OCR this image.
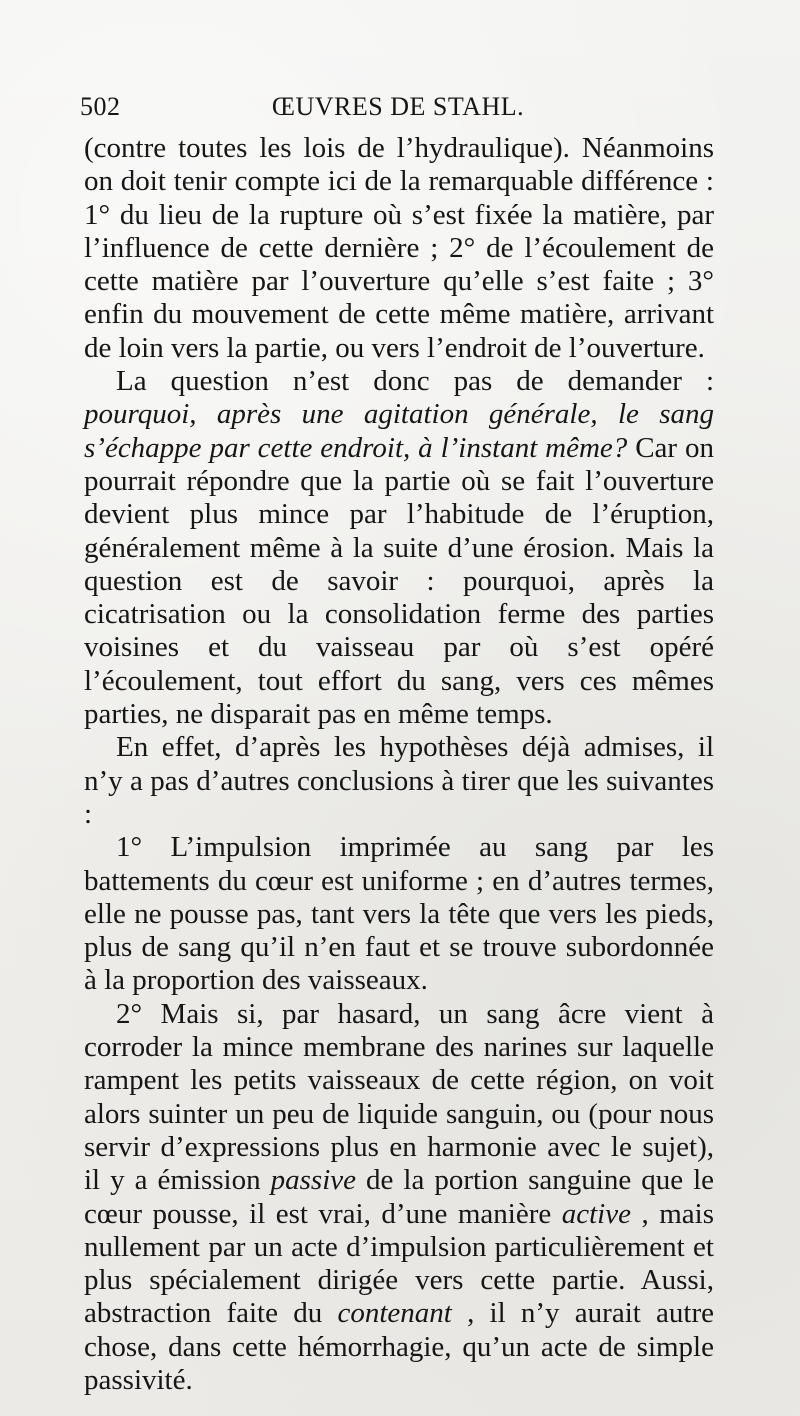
502	ŒUVRES DE STAHL.

(contre toutes les lois de l’hydraulique). Néanmoins on doit tenir compte ici de la remarquable différence : 1° du lieu de la rupture où s’est fixée la matière, par l’influence de cette dernière ; 2° de l’écoulement de cette matière par l’ouverture qu’elle s’est faite ; 3° enfin du mouvement de cette même matière, arrivant de loin vers la partie, ou vers l’endroit de l’ouverture.

La question n’est donc pas de demander : pourquoi, après une agitation générale, le sang s’échappe par cette endroit, à l’instant même? Car on pourrait répondre que la partie où se fait l’ouverture devient plus mince par l’habitude de l’éruption, généralement même à la suite d’une érosion. Mais la question est de savoir : pourquoi, après la cicatrisation ou la consolidation ferme des parties voisines et du vaisseau par où s’est opéré l’écoulement, tout effort du sang, vers ces mêmes parties, ne disparait pas en même temps.

En effet, d’après les hypothèses déjà admises, il n’y a pas d’autres conclusions à tirer que les suivantes :

1° L’impulsion imprimée au sang par les battements du cœur est uniforme ; en d’autres termes, elle ne pousse pas, tant vers la tête que vers les pieds, plus de sang qu’il n’en faut et se trouve subordonnée à la proportion des vaisseaux.

2° Mais si, par hasard, un sang âcre vient à corroder la mince membrane des narines sur laquelle rampent les petits vaisseaux de cette région, on voit alors suinter un peu de liquide sanguin, ou (pour nous servir d’expressions plus en harmonie avec le sujet), il y a émission passive de la portion sanguine que le cœur pousse, il est vrai, d’une manière active , mais nullement par un acte d’impulsion particulièrement et plus spécialement dirigée vers cette partie. Aussi, abstraction faite du contenant , il n’y aurait autre chose, dans cette hémorrhagie, qu’un acte de simple passivité.
